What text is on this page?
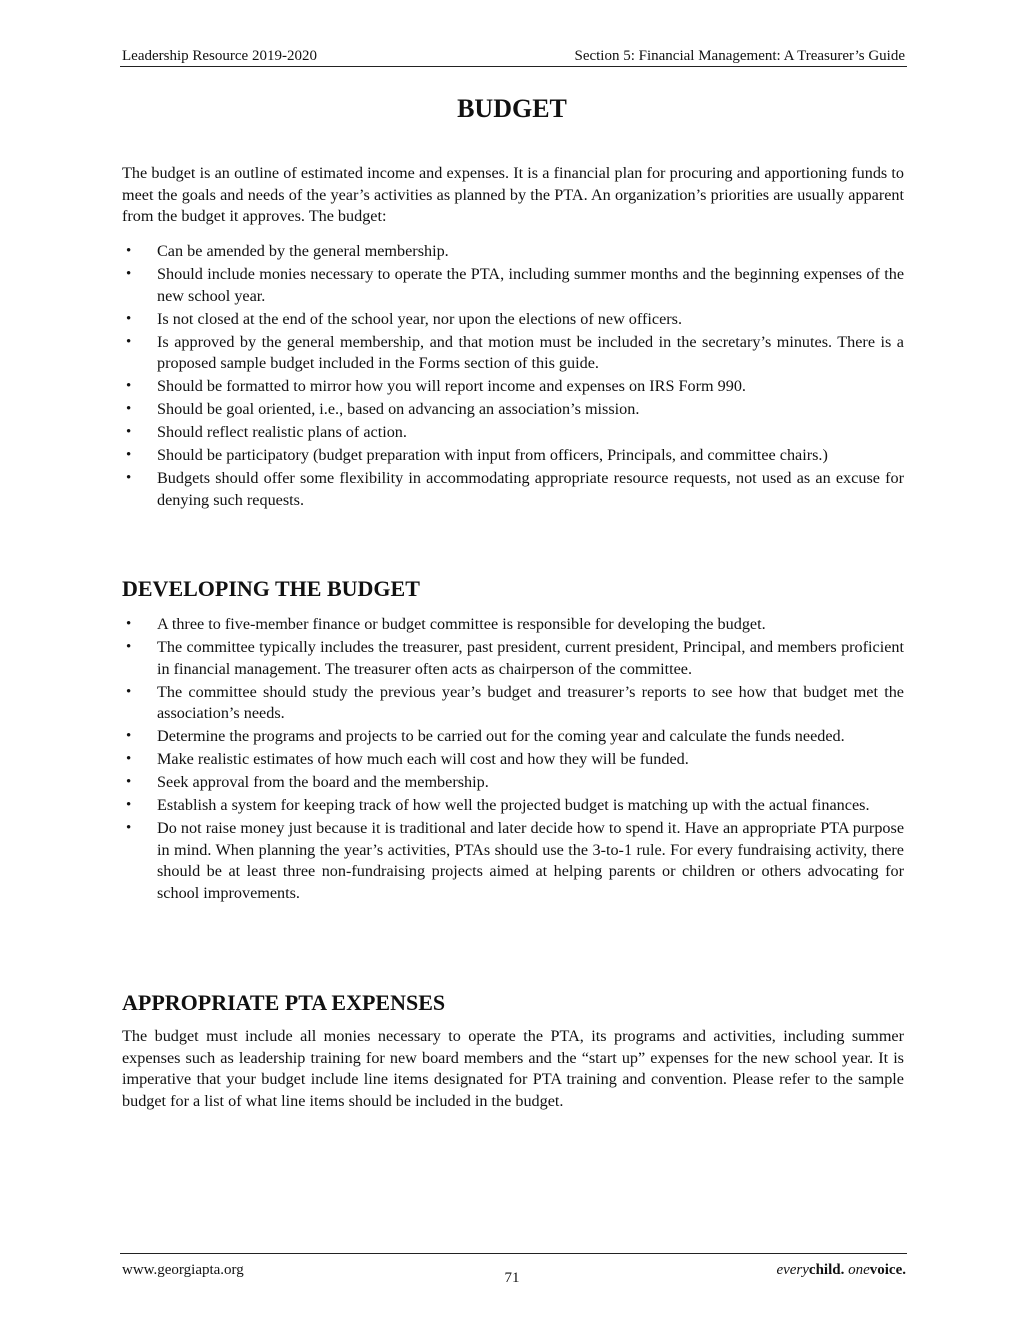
Leadership Resource 2019-2020	Section 5: Financial Management: A Treasurer’s Guide
BUDGET

The budget is an outline of estimated income and expenses. It is a financial plan for procuring and apportioning funds to meet the goals and needs of the year’s activities as planned by the PTA. An organization’s priorities are usually apparent from the budget it approves. The budget:

• Can be amended by the general membership.
• Should include monies necessary to operate the PTA, including summer months and the beginning expenses of the new school year.
• Is not closed at the end of the school year, nor upon the elections of new officers.
• Is approved by the general membership, and that motion must be included in the secretary’s minutes. There is a proposed sample budget included in the Forms section of this guide.
• Should be formatted to mirror how you will report income and expenses on IRS Form 990.
• Should be goal oriented, i.e., based on advancing an association’s mission.
• Should reflect realistic plans of action.
• Should be participatory (budget preparation with input from officers, Principals, and committee chairs.)
• Budgets should offer some flexibility in accommodating appropriate resource requests, not used as an excuse for denying such requests.
DEVELOPING THE BUDGET
• A three to five-member finance or budget committee is responsible for developing the budget.
• The committee typically includes the treasurer, past president, current president, Principal, and members proficient in financial management. The treasurer often acts as chairperson of the committee.
• The committee should study the previous year’s budget and treasurer’s reports to see how that budget met the association’s needs.
• Determine the programs and projects to be carried out for the coming year and calculate the funds needed.
• Make realistic estimates of how much each will cost and how they will be funded.
• Seek approval from the board and the membership.
• Establish a system for keeping track of how well the projected budget is matching up with the actual finances.
• Do not raise money just because it is traditional and later decide how to spend it. Have an appropriate PTA purpose in mind. When planning the year’s activities, PTAs should use the 3-to-1 rule. For every fundraising activity, there should be at least three non-fundraising projects aimed at helping parents or children or others advocating for school improvements.
APPROPRIATE PTA EXPENSES

The budget must include all monies necessary to operate the PTA, its programs and activities, including summer expenses such as leadership training for new board members and the “start up” expenses for the new school year. It is imperative that your budget include line items designated for PTA training and convention. Please refer to the sample budget for a list of what line items should be included in the budget.

www.georgiapta.org	71	everychild. onevoice.
